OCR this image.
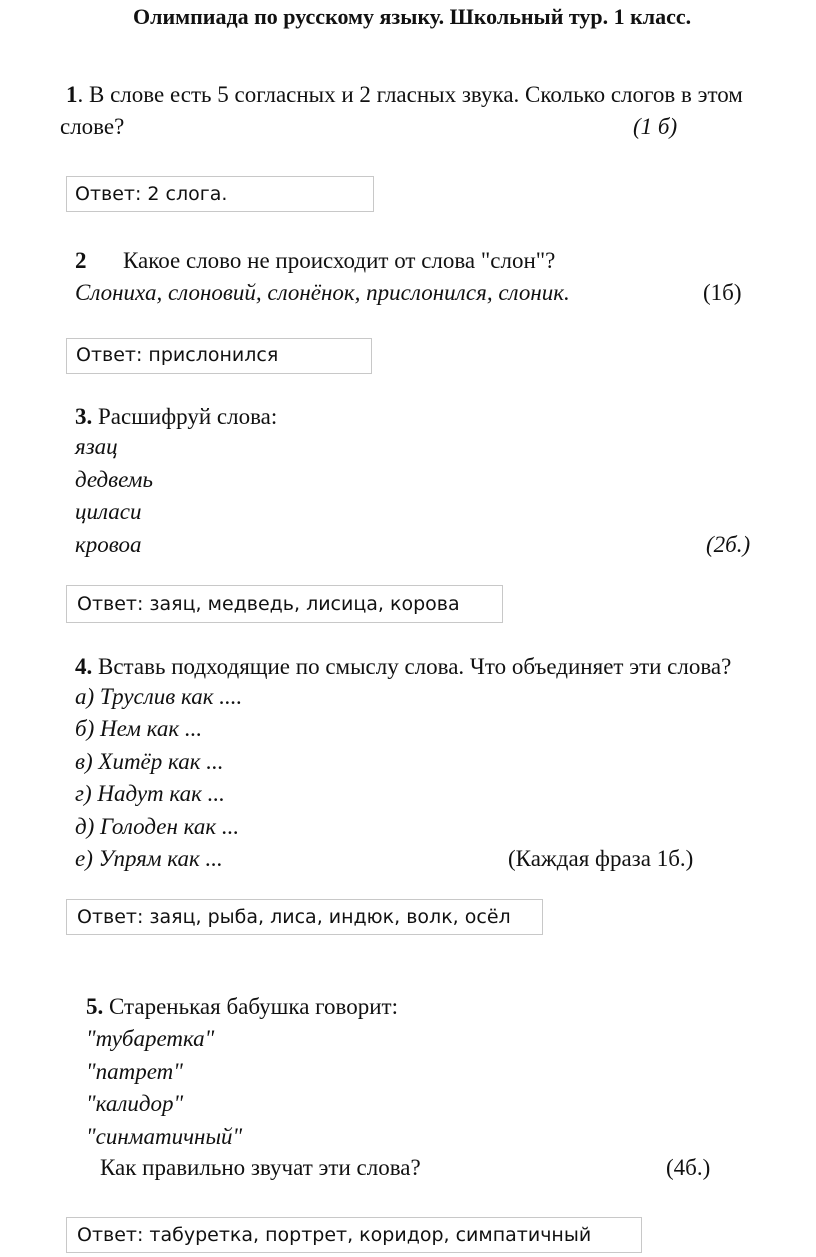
Олимпиада по русскому языку. Школьный тур. 1 класс.
1. В слове есть 5 согласных и 2 гласных звука. Сколько слогов в этом
слове?	(1 б)
Ответ: 2 слога.
2 Какое слово не происходит от слова "слон"?
Слониха, слоновий, слонёнок, прислонился, слоник.	(1б)
Ответ: прислонился
3. Расшифруй слова:
язац
дедвемь
цилаcи
кровоа	(2б.)
Ответ: заяц, медведь, лисица, корова
4. Вставь подходящие по смыслу слова. Что объединяет эти слова?
а) Труслив как ....
б) Нем как ...
в) Хитёр как ...
г) Надут как ...
д) Голоден как ...
е) Упрям как ...	(Каждая фраза 1б.)
Ответ: заяц, рыба, лиса, индюк, волк, осёл
5. Старенькая бабушка говорит:
"тубаретка"
"патрет"
"калидор"
"синматичный"
Как правильно звучат эти слова?	(4б.)
Ответ: табуретка, портрет, коридор, симпатичный
